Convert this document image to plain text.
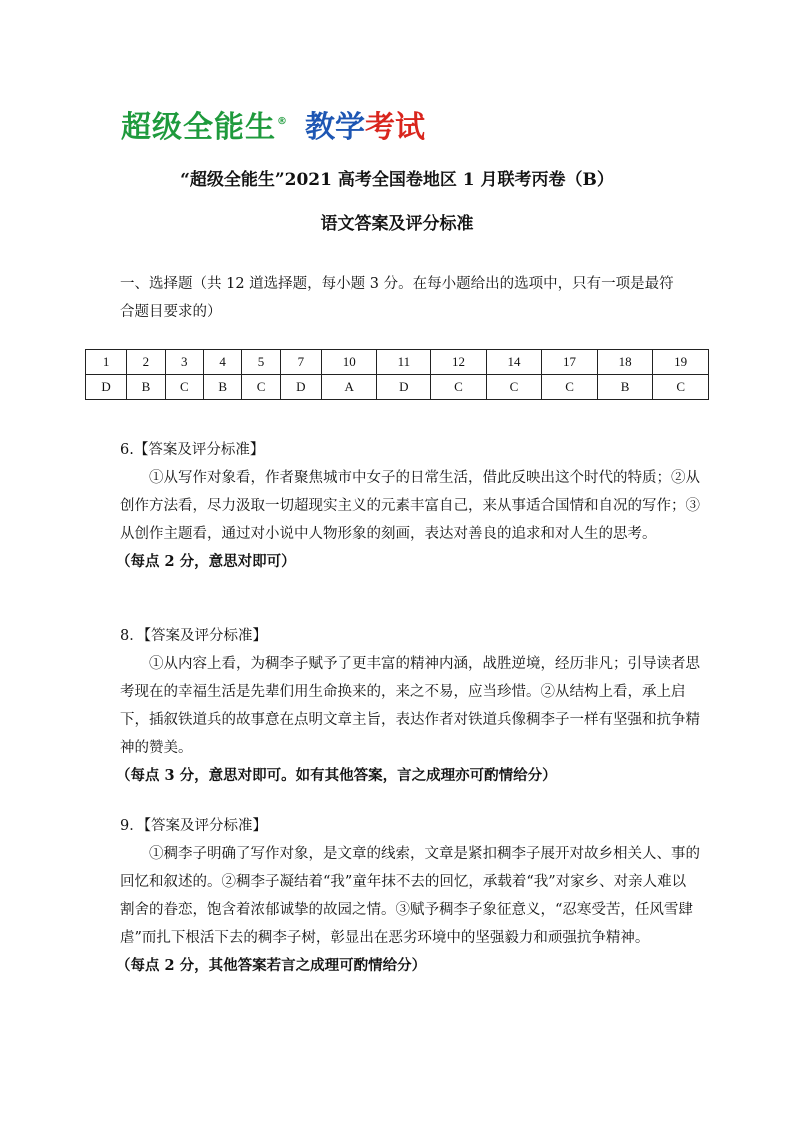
超级全能生® 教学考试
“超级全能生”2021 高考全国卷地区 1 月联考丙卷（B）
语文答案及评分标准
一、选择题（共 12 道选择题，每小题 3 分。在每小题给出的选项中，只有一项是最符合题目要求的）
1	2	3	4	5	7	10	11	12	14	17	18	19
D	B	C	B	C	D	A	D	C	C	C	B	C
6.【答案及评分标准】
①从写作对象看，作者聚焦城市中女子的日常生活，借此反映出这个时代的特质；②从创作方法看，尽力汲取一切超现实主义的元素丰富自己，来从事适合国情和自况的写作；③从创作主题看，通过对小说中人物形象的刻画，表达对善良的追求和对人生的思考。
（每点 2 分，意思对即可）
8．【答案及评分标准】
①从内容上看，为稠李子赋予了更丰富的精神内涵，战胜逆境，经历非凡；引导读者思考现在的幸福生活是先辈们用生命换来的，来之不易，应当珍惜。②从结构上看，承上启下，插叙铁道兵的故事意在点明文章主旨，表达作者对铁道兵像稠李子一样有坚强和抗争精神的赞美。
（每点 3 分，意思对即可。如有其他答案，言之成理亦可酌情给分）
9．【答案及评分标准】
①稠李子明确了写作对象，是文章的线索，文章是紧扣稠李子展开对故乡相关人、事的回忆和叙述的。②稠李子凝结着“我”童年抹不去的回忆，承载着“我”对家乡、对亲人难以割舍的眷恋，饱含着浓郁诚挚的故园之情。③赋予稠李子象征意义，“忍寒受苦，任风雪肆虐”而扎下根活下去的稠李子树，彰显出在恶劣环境中的坚强毅力和顽强抗争精神。
（每点 2 分，其他答案若言之成理可酌情给分）
